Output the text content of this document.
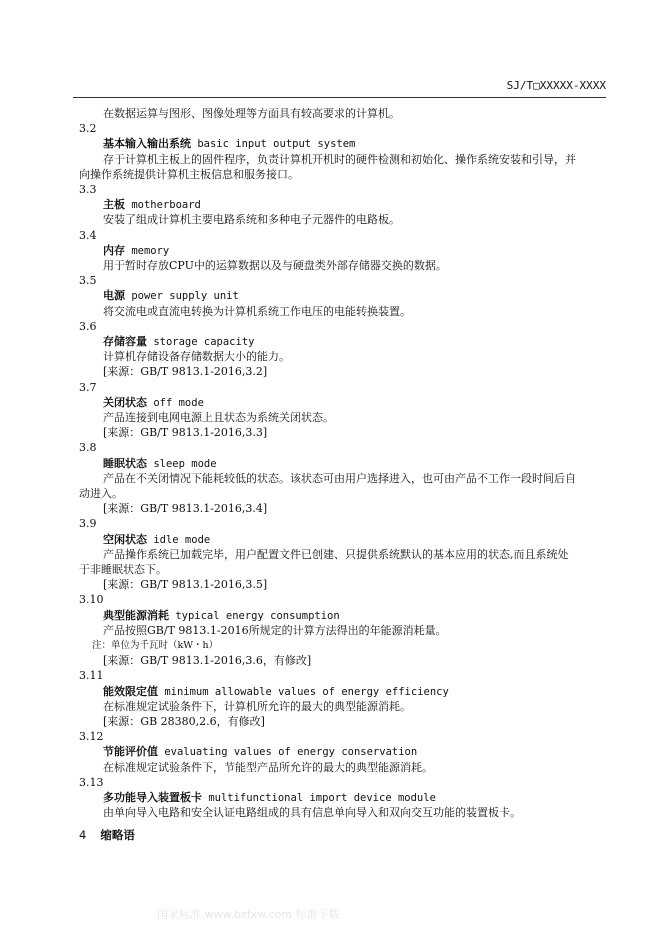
SJ/T□XXXXX-XXXX
在数据运算与图形、图像处理等方面具有较高要求的计算机。
3.2
基本输入输出系统 basic input output system
存于计算机主板上的固件程序，负责计算机开机时的硬件检测和初始化、操作系统安装和引导，并
向操作系统提供计算机主板信息和服务接口。
3.3
主板 motherboard
安装了组成计算机主要电路系统和多种电子元器件的电路板。
3.4
内存 memory
用于暂时存放CPU中的运算数据以及与硬盘类外部存储器交换的数据。
3.5
电源 power supply unit
将交流电或直流电转换为计算机系统工作电压的电能转换装置。
3.6
存储容量 storage capacity
计算机存储设备存储数据大小的能力。
[来源：GB/T 9813.1-2016,3.2]
3.7
关闭状态 off mode
产品连接到电网电源上且状态为系统关闭状态。
[来源：GB/T 9813.1-2016,3.3]
3.8
睡眠状态 sleep mode
产品在不关闭情况下能耗较低的状态。该状态可由用户选择进入，也可由产品不工作一段时间后自
动进入。
[来源：GB/T 9813.1-2016,3.4]
3.9
空闲状态 idle mode
产品操作系统已加载完毕，用户配置文件已创建、只提供系统默认的基本应用的状态,而且系统处
于非睡眠状态下。
[来源：GB/T 9813.1-2016,3.5]
3.10
典型能源消耗 typical energy consumption
产品按照GB/T 9813.1-2016所规定的计算方法得出的年能源消耗量。
注：单位为千瓦时（kW・h）
[来源：GB/T 9813.1-2016,3.6，有修改]
3.11
能效限定值 minimum allowable values of energy efficiency
在标准规定试验条件下，计算机所允许的最大的典型能源消耗。
[来源：GB 28380,2.6，有修改]
3.12
节能评价值 evaluating values of energy conservation
在标准规定试验条件下，节能型产品所允许的最大的典型能源消耗。
3.13
多功能导入装置板卡 multifunctional import device module
由单向导入电路和安全认证电路组成的具有信息单向导入和双向交互功能的装置板卡。
4 缩略语
国家标准 www.bzfxw.com 标准下载
